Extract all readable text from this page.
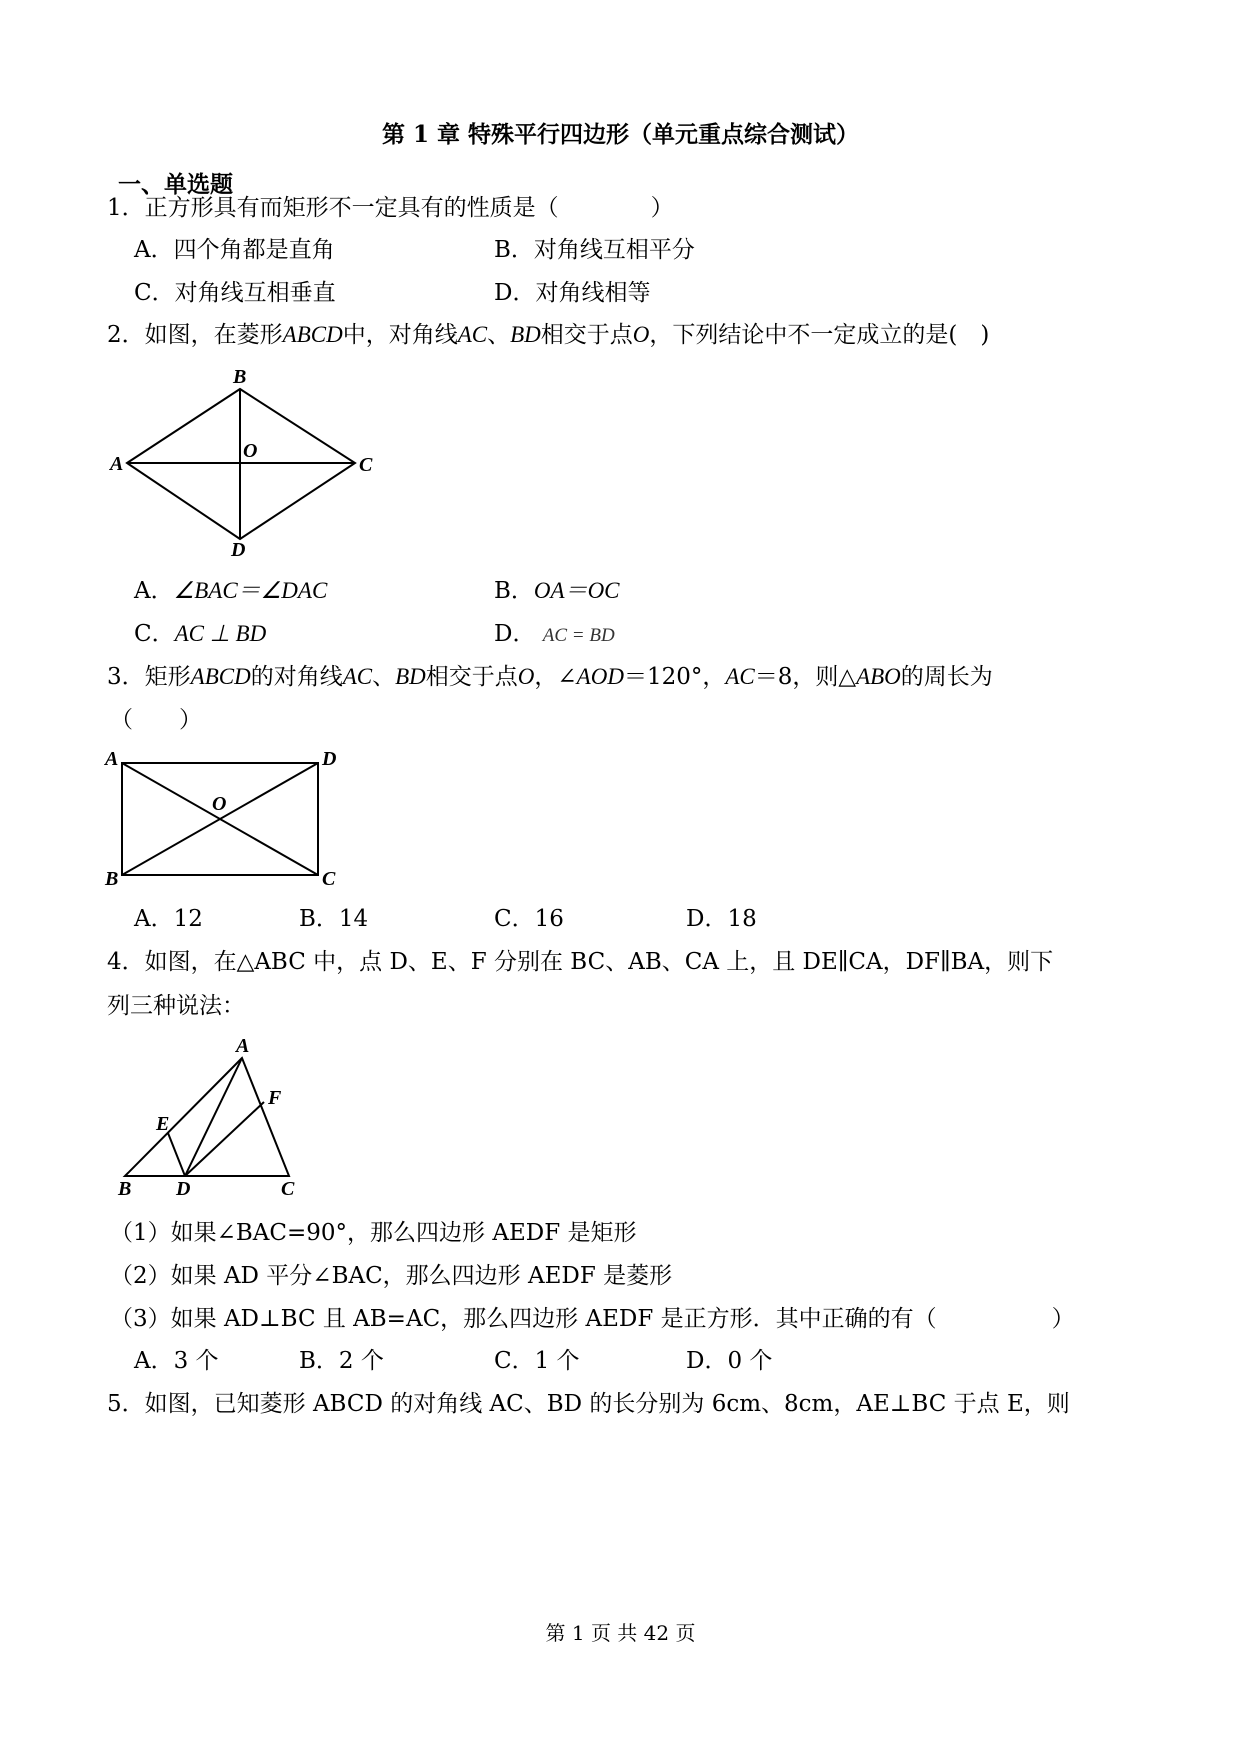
第 1 章 特殊平行四边形（单元重点综合测试）
一、单选题
1．正方形具有而矩形不一定具有的性质是（　　　　）
A．四个角都是直角	B．对角线互相平分
C．对角线互相垂直	D．对角线相等
2．如图，在菱形ABCD中，对角线AC、BD相交于点O，下列结论中不一定成立的是(　)
B
A	C
D
O
A．∠BAC＝∠DAC	B．OA＝OC
C．AC ⊥ BD	D． AC = BD
3．矩形ABCD的对角线AC、BD相交于点O，∠AOD＝120°，AC＝8，则△ABO的周长为
（　　）
A	D
B	C
O
A．12	B．14	C．16	D．18
4．如图，在△ABC 中，点 D、E、F 分别在 BC、AB、CA 上，且 DE∥CA，DF∥BA，则下
列三种说法：
A
E
F
B D	C
（1）如果∠BAC=90°，那么四边形 AEDF 是矩形
（2）如果 AD 平分∠BAC，那么四边形 AEDF 是菱形
（3）如果 AD⊥BC 且 AB=AC，那么四边形 AEDF 是正方形．其中正确的有（　　　　　）
A．3 个	B．2 个	C．1 个	D．0 个
5．如图，已知菱形 ABCD 的对角线 AC、BD 的长分别为 6cm、8cm，AE⊥BC 于点 E，则
第 1 页 共 42 页
